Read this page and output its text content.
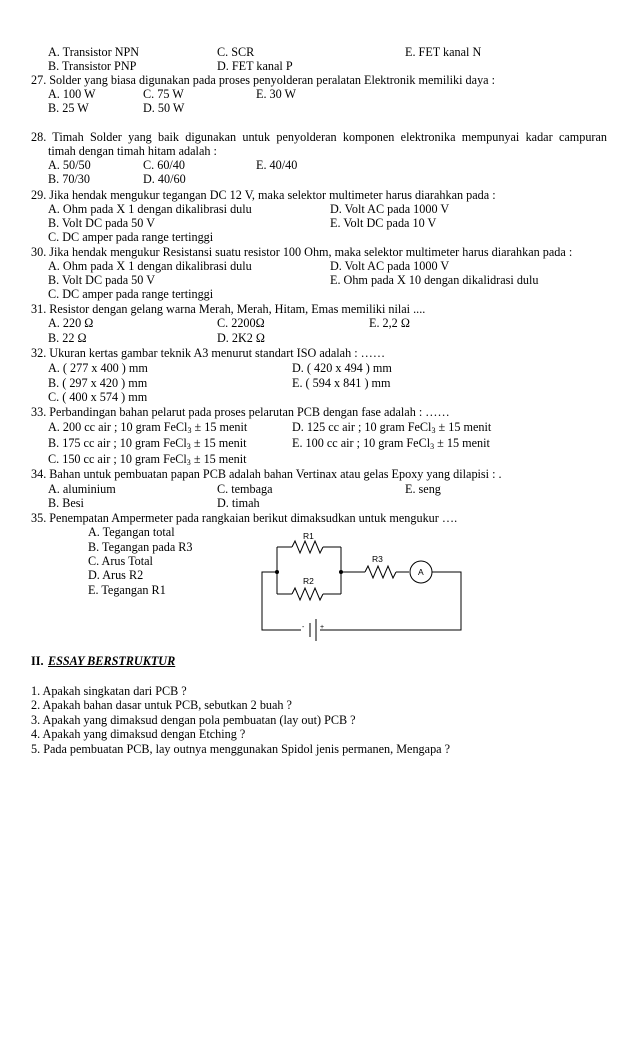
A. Transistor NPN	C. SCR	E. FET kanal N
B. Transistor PNP	D. FET kanal P
27. Solder yang biasa digunakan pada proses penyolderan peralatan Elektronik memiliki daya :
A. 100 W	C. 75 W	E. 30 W
B. 25 W	D. 50 W
28. Timah Solder yang baik digunakan untuk penyolderan komponen elektronika mempunyai kadar campuran
timah dengan timah hitam adalah :
A. 50/50	C. 60/40	E. 40/40
B. 70/30	D. 40/60
29. Jika hendak mengukur tegangan DC 12 V, maka selektor multimeter harus diarahkan pada :
A. Ohm pada X 1 dengan dikalibrasi dulu	D. Volt AC pada 1000 V
B. Volt DC pada 50 V	E. Volt DC pada 10 V
C. DC amper pada range tertinggi
30. Jika hendak mengukur Resistansi suatu resistor 100 Ohm, maka selektor multimeter harus diarahkan pada :
A. Ohm pada X 1 dengan dikalibrasi dulu	D. Volt AC pada 1000 V
B. Volt DC pada 50 V	E. Ohm pada X 10 dengan dikalidrasi dulu
C. DC amper pada range tertinggi
31. Resistor dengan gelang warna Merah, Merah, Hitam, Emas memiliki nilai ....
A. 220 Ω	C. 2200Ω	E. 2,2 Ω
B. 22 Ω	D. 2K2 Ω
32. Ukuran kertas gambar teknik A3 menurut standart ISO adalah : ……
A. ( 277 x 400 ) mm	D. ( 420 x 494 ) mm
B. ( 297 x 420 ) mm	E. ( 594 x 841 ) mm
C. ( 400 x 574 ) mm
33. Perbandingan bahan pelarut pada proses pelarutan PCB dengan fase adalah : ……
A. 200 cc air ; 10 gram FeCl$_3$ ± 15 menit	D. 125 cc air ; 10 gram FeCl$_3$ ± 15 menit
B. 175 cc air ; 10 gram FeCl$_3$ ± 15 menit	E. 100 cc air ; 10 gram FeCl$_3$ ± 15 menit
C. 150 cc air ; 10 gram FeCl$_3$ ± 15 menit
34. Bahan untuk pembuatan papan PCB adalah bahan Vertinax atau gelas Epoxy yang dilapisi : .
A. aluminium	C. tembaga	E. seng
B. Besi	D. timah
35. Penempatan Ampermeter pada rangkaian berikut dimaksudkan untuk mengukur ….
A. Tegangan total
B. Tegangan pada R3
C. Arus Total
D. Arus R2
E. Tegangan R1
R1
R2
R3
A
- +
II. ESSAY BERSTRUKTUR
1. Apakah singkatan dari PCB ?
2. Apakah bahan dasar untuk PCB, sebutkan 2 buah ?
3. Apakah yang dimaksud dengan pola pembuatan (lay out) PCB ?
4. Apakah yang dimaksud dengan Etching ?
5. Pada pembuatan PCB, lay outnya menggunakan Spidol jenis permanen, Mengapa ?
